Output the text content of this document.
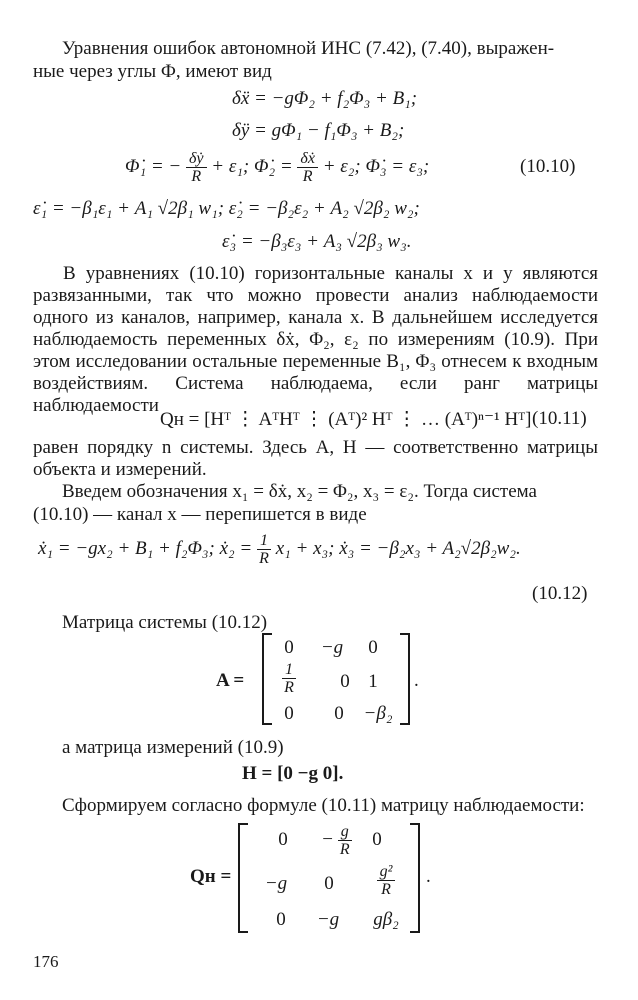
Уравнения ошибок автономной ИНС (7.42), (7.40), выражен-
ные через углы Ф, имеют вид
δẍ = −gΦ₂ + f₂Φ₃ + B₁;
δÿ = gΦ₁ − f₁Φ₃ + B₂;
Φ̇₁ = − $\frac{\text{δẏ}}{R} + \varepsilon_1$; Φ̇₂ = $\frac{\text{δẋ}}{R} + \varepsilon_2$; Φ̇₃ = ε₃;	(10.10)
ε̇₁ = −β₁ε₁ + A₁ √2β₁ w₁; ε̇₂ = −β₂ε₂ + A₂ √2β₂ w₂;
ε̇₃ = −β₃ε₃ + A₃ √2β₃ w₃.
В уравнениях (10.10) горизонтальные каналы x и y являются развязанными, так что можно провести анализ наблюдаемости одного из каналов, например, канала x. В дальнейшем исследуется наблюдаемость переменных δẋ, Φ₂, ε₂ по измерениям (10.9). При этом исследовании остальные переменные B₁, Φ₃ отнесем к входным воздействиям. Система наблюдаема, если ранг матрицы наблюдаемости
Qн = [Hᵀ ⋮ AᵀHᵀ ⋮ (Aᵀ)² Hᵀ ⋮ … (Aᵀ)ⁿ⁻¹ Hᵀ] (10.11)
равен порядку n системы. Здесь A, H — соответственно матрицы объекта и измерений.
Введем обозначения x₁ = δẋ, x₂ = Φ₂, x₃ = ε₂. Тогда система
(10.10) — канал x — перепишется в виде
ẋ₁ = −gx₂ + B₁ + f₂Φ₃; ẋ₂ = $\frac{1}{R} x_1 + x_3$; ẋ₃ = −β₂x₃ + A₂√2β₂w₂.
(10.12)
Матрица системы (10.12)
A =
0	−g	0
$\frac{1}{R}$	0 1
0	0	−β₂
.
а матрица измерений (10.9)
H = [0 −g 0].
Сформируем согласно формуле (10.11) матрицу наблюдаемости:
Qн =
0	− $\frac{g}{R}$	0
−g	0	$\frac{\text{g²}}{R}$
0	−g	gβ₂
.
176
